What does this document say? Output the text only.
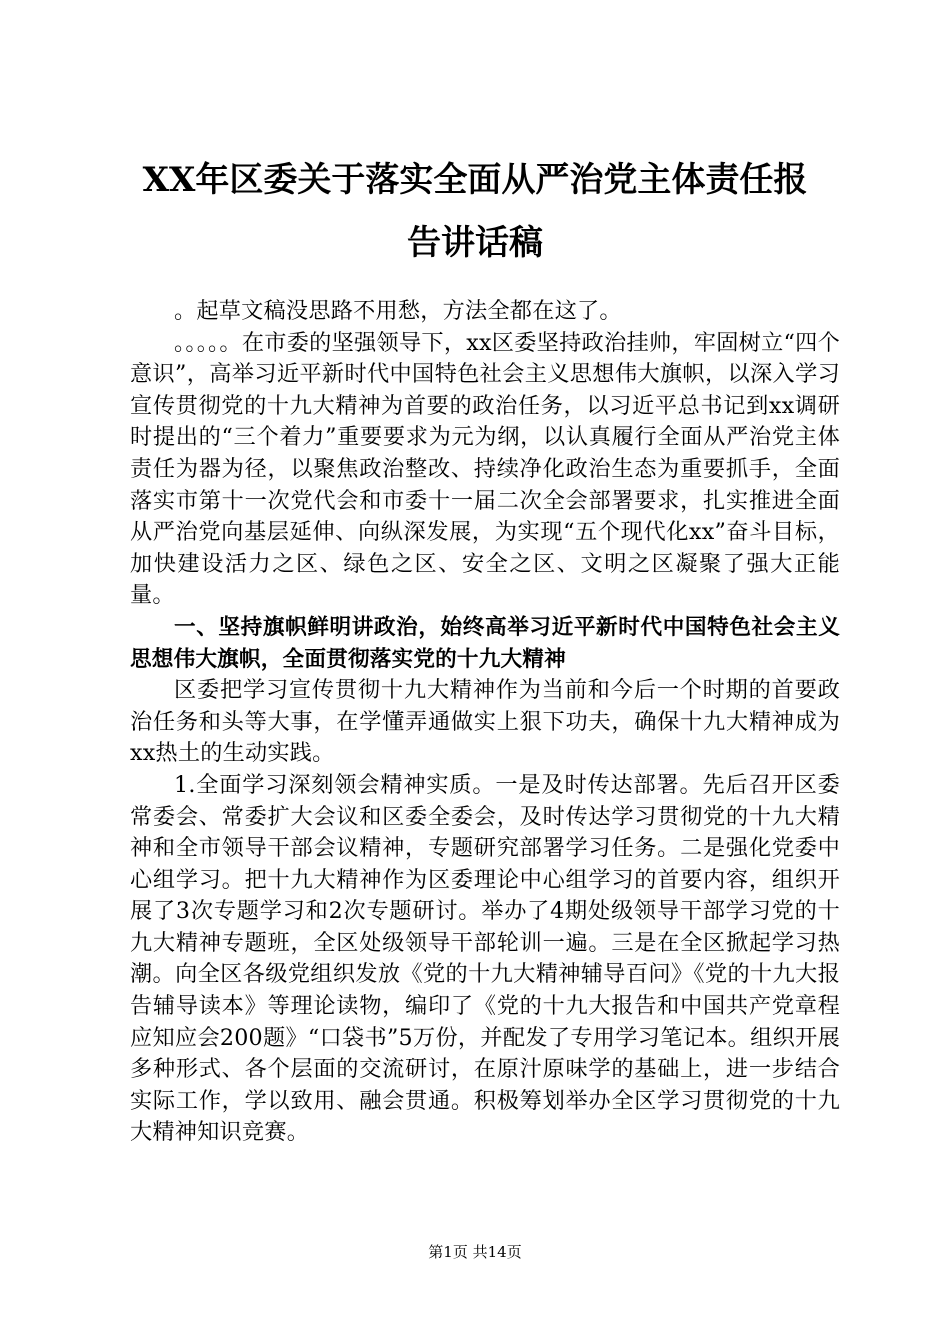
XX年区委关于落实全面从严治党主体责任报
告讲话稿

。起草文稿没思路不用愁，方法全都在这了。

。。。。。在市委的坚强领导下，xx区委坚持政治挂帅，牢固树立“四个意识”，高举习近平新时代中国特色社会主义思想伟大旗帜，以深入学习宣传贯彻党的十九大精神为首要的政治任务，以习近平总书记到xx调研时提出的“三个着力”重要要求为元为纲，以认真履行全面从严治党主体责任为器为径，以聚焦政治整改、持续净化政治生态为重要抓手，全面落实市第十一次党代会和市委十一届二次全会部署要求，扎实推进全面从严治党向基层延伸、向纵深发展，为实现“五个现代化xx”奋斗目标，加快建设活力之区、绿色之区、安全之区、文明之区凝聚了强大正能量。

一、坚持旗帜鲜明讲政治，始终高举习近平新时代中国特色社会主义思想伟大旗帜，全面贯彻落实党的十九大精神

区委把学习宣传贯彻十九大精神作为当前和今后一个时期的首要政治任务和头等大事，在学懂弄通做实上狠下功夫，确保十九大精神成为xx热土的生动实践。

1.全面学习深刻领会精神实质。一是及时传达部署。先后召开区委常委会、常委扩大会议和区委全委会，及时传达学习贯彻党的十九大精神和全市领导干部会议精神，专题研究部署学习任务。二是强化党委中心组学习。把十九大精神作为区委理论中心组学习的首要内容，组织开展了3次专题学习和2次专题研讨。举办了4期处级领导干部学习党的十九大精神专题班，全区处级领导干部轮训一遍。三是在全区掀起学习热潮。向全区各级党组织发放《党的十九大精神辅导百问》《党的十九大报告辅导读本》等理论读物，编印了《党的十九大报告和中国共产党章程应知应会200题》“口袋书”5万份，并配发了专用学习笔记本。组织开展多种形式、各个层面的交流研讨，在原汁原味学的基础上，进一步结合实际工作，学以致用、融会贯通。积极筹划举办全区学习贯彻党的十九大精神知识竞赛。

第1页 共14页
